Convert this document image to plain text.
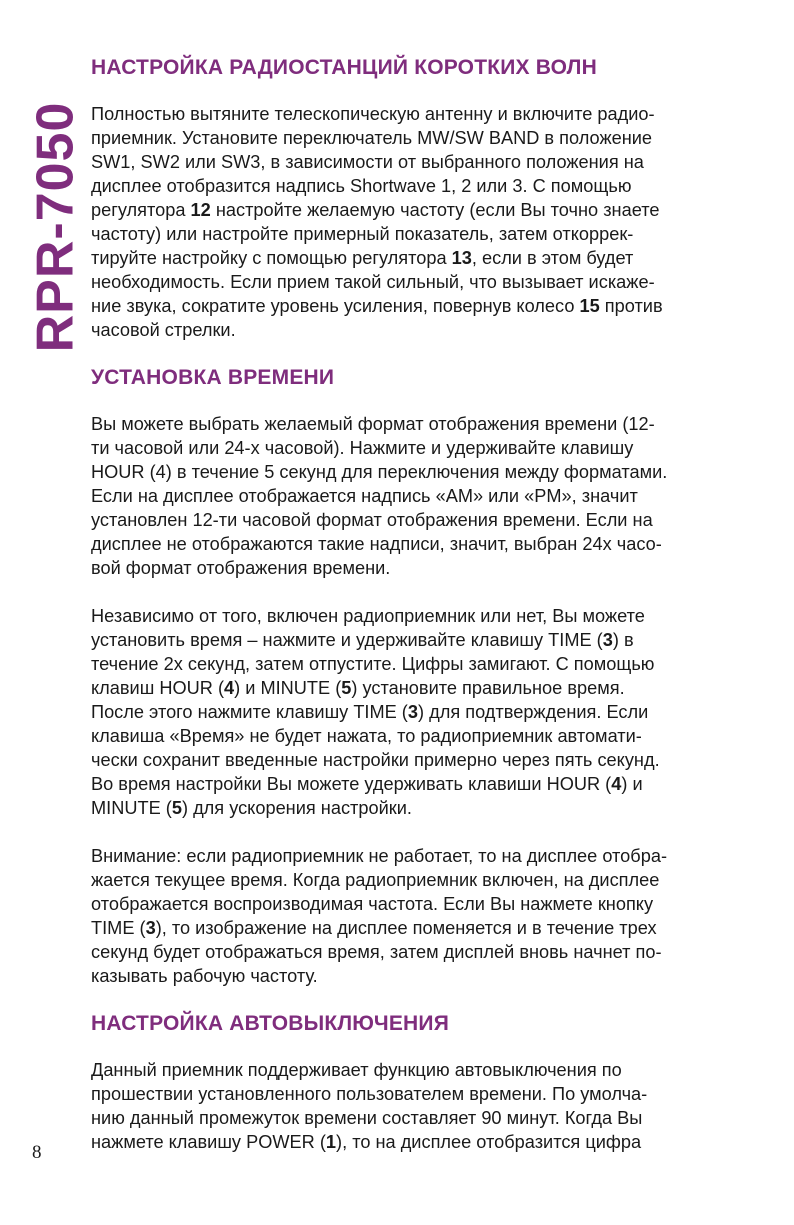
RPR-7050
НАСТРОЙКА РАДИОСТАНЦИЙ КОРОТКИХ ВОЛН
Полностью вытяните телескопическую антенну и включите радио-
приемник. Установите переключатель MW/SW BAND в положение
SW1, SW2 или SW3, в зависимости от выбранного положения на
дисплее отобразится надпись Shortwave 1, 2 или 3. С помощью
регулятора 12 настройте желаемую частоту (если Вы точно знаете
частоту) или настройте примерный показатель, затем откоррек-
тируйте настройку с помощью регулятора 13, если в этом будет
необходимость. Если прием такой сильный, что вызывает искаже-
ние звука, сократите уровень усиления, повернув колесо 15 против
часовой стрелки.
УСТАНОВКА ВРЕМЕНИ
Вы можете выбрать желаемый формат отображения времени (12-
ти часовой или 24-х часовой). Нажмите и удерживайте клавишу
HOUR (4) в течение 5 секунд для переключения между форматами.
Если на дисплее отображается надпись «AM» или «PM», значит
установлен 12-ти часовой формат отображения времени. Если на
дисплее не отображаются такие надписи, значит, выбран 24х часо-
вой формат отображения времени.
Независимо от того, включен радиоприемник или нет, Вы можете
установить время – нажмите и удерживайте клавишу TIME (3) в
течение 2х секунд, затем отпустите. Цифры замигают. С помощью
клавиш HOUR (4) и MINUTE (5) установите правильное время.
После этого нажмите клавишу TIME (3) для подтверждения. Если
клавиша «Время» не будет нажата, то радиоприемник автомати-
чески сохранит введенные настройки примерно через пять секунд.
Во время настройки Вы можете удерживать клавиши HOUR (4) и
MINUTE (5) для ускорения настройки.
Внимание: если радиоприемник не работает, то на дисплее отобра-
жается текущее время. Когда радиоприемник включен, на дисплее
отображается воспроизводимая частота. Если Вы нажмете кнопку
TIME (3), то изображение на дисплее поменяется и в течение трех
секунд будет отображаться время, затем дисплей вновь начнет по-
казывать рабочую частоту.
НАСТРОЙКА АВТОВЫКЛЮЧЕНИЯ
Данный приемник поддерживает функцию автовыключения по
прошествии установленного пользователем времени. По умолча-
нию данный промежуток времени составляет 90 минут. Когда Вы
нажмете клавишу POWER (1), то на дисплее отобразится цифра
8
